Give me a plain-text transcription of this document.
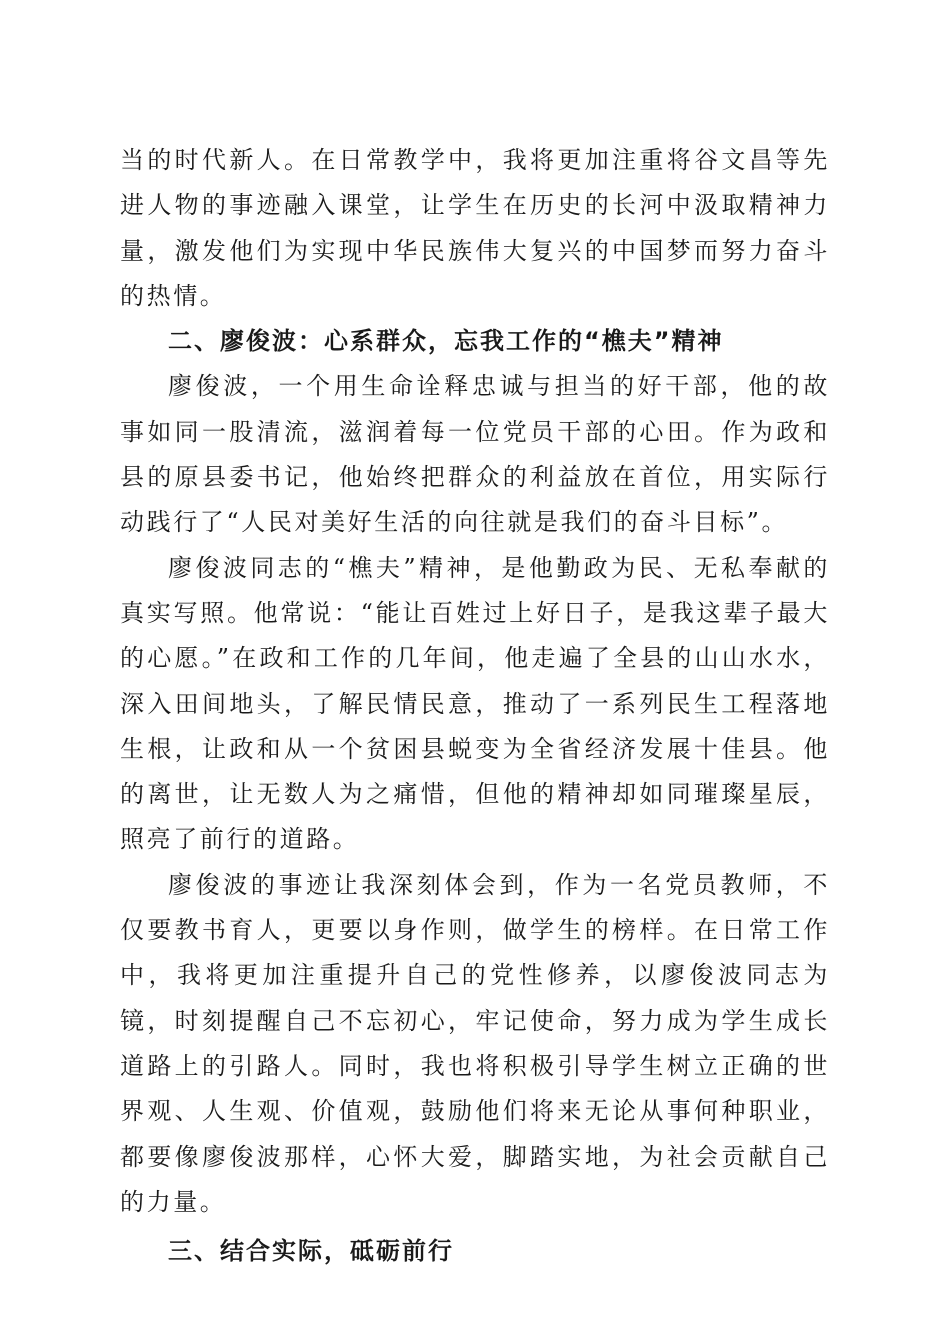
当的时代新人。在日常教学中，我将更加注重将谷文昌等先进人物的事迹融入课堂，让学生在历史的长河中汲取精神力量，激发他们为实现中华民族伟大复兴的中国梦而努力奋斗的热情。

二、廖俊波：心系群众，忘我工作的“樵夫”精神

廖俊波，一个用生命诠释忠诚与担当的好干部，他的故事如同一股清流，滋润着每一位党员干部的心田。作为政和县的原县委书记，他始终把群众的利益放在首位，用实际行动践行了“人民对美好生活的向往就是我们的奋斗目标”。

廖俊波同志的“樵夫”精神，是他勤政为民、无私奉献的真实写照。他常说：“能让百姓过上好日子，是我这辈子最大的心愿。”在政和工作的几年间，他走遍了全县的山山水水，深入田间地头，了解民情民意，推动了一系列民生工程落地生根，让政和从一个贫困县蜕变为全省经济发展十佳县。他的离世，让无数人为之痛惜，但他的精神却如同璀璨星辰，照亮了前行的道路。

廖俊波的事迹让我深刻体会到，作为一名党员教师，不仅要教书育人，更要以身作则，做学生的榜样。在日常工作中，我将更加注重提升自己的党性修养，以廖俊波同志为镜，时刻提醒自己不忘初心，牢记使命，努力成为学生成长道路上的引路人。同时，我也将积极引导学生树立正确的世界观、人生观、价值观，鼓励他们将来无论从事何种职业，都要像廖俊波那样，心怀大爱，脚踏实地，为社会贡献自己的力量。

三、结合实际，砥砺前行
